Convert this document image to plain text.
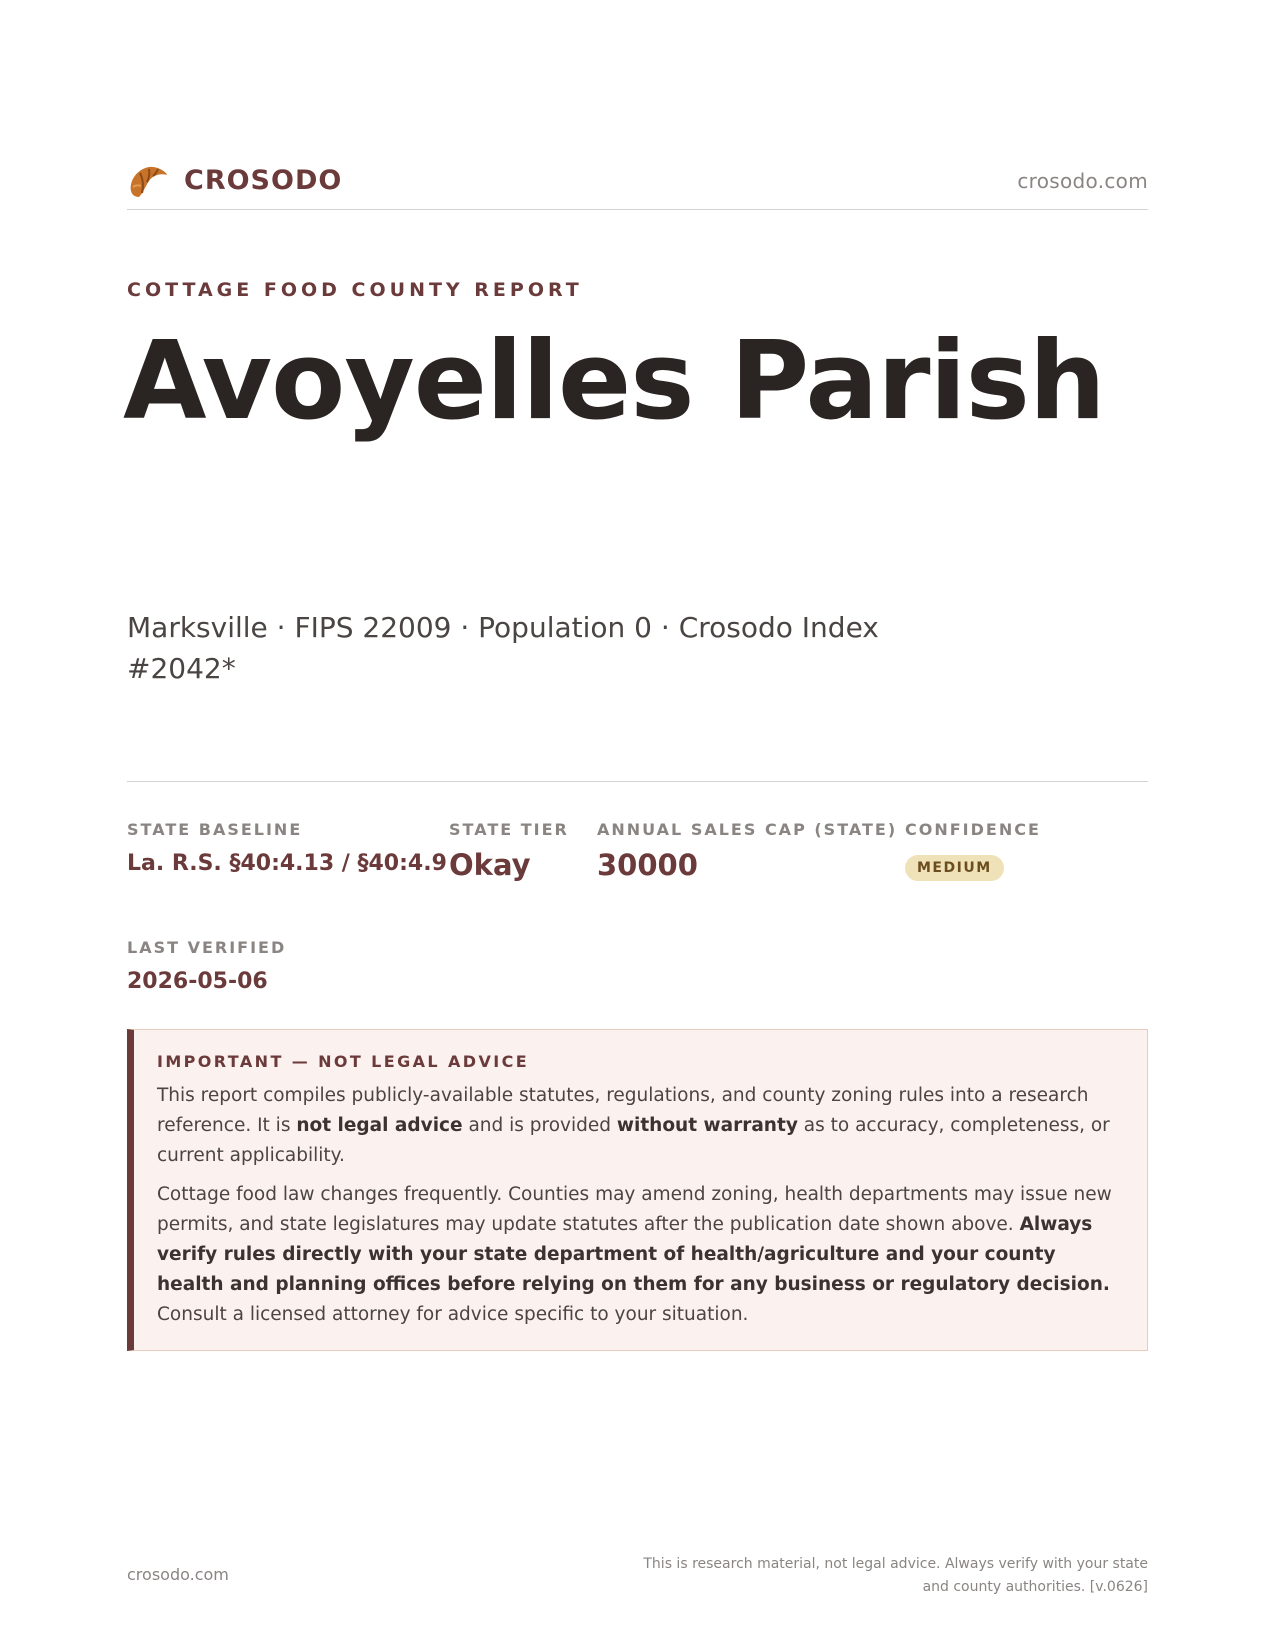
CROSODO	crosodo.com
COTTAGE FOOD COUNTY REPORT
Avoyelles Parish
Marksville · FIPS 22009 · Population 0 · Crosodo Index #2042*
STATE BASELINE
La. R.S. §40:4.13 / §40:4.9
STATE TIER
Okay
ANNUAL SALES CAP (STATE)
30000
CONFIDENCE
MEDIUM
LAST VERIFIED
2026-05-06
IMPORTANT — NOT LEGAL ADVICE

This report compiles publicly-available statutes, regulations, and county zoning rules into a research reference. It is not legal advice and is provided without warranty as to accuracy, completeness, or current applicability.

Cottage food law changes frequently. Counties may amend zoning, health departments may issue new permits, and state legislatures may update statutes after the publication date shown above. Always verify rules directly with your state department of health/agriculture and your county health and planning offices before relying on them for any business or regulatory decision. Consult a licensed attorney for advice specific to your situation.

crosodo.com
This is research material, not legal advice. Always verify with your state and county authorities. [v.0626]
